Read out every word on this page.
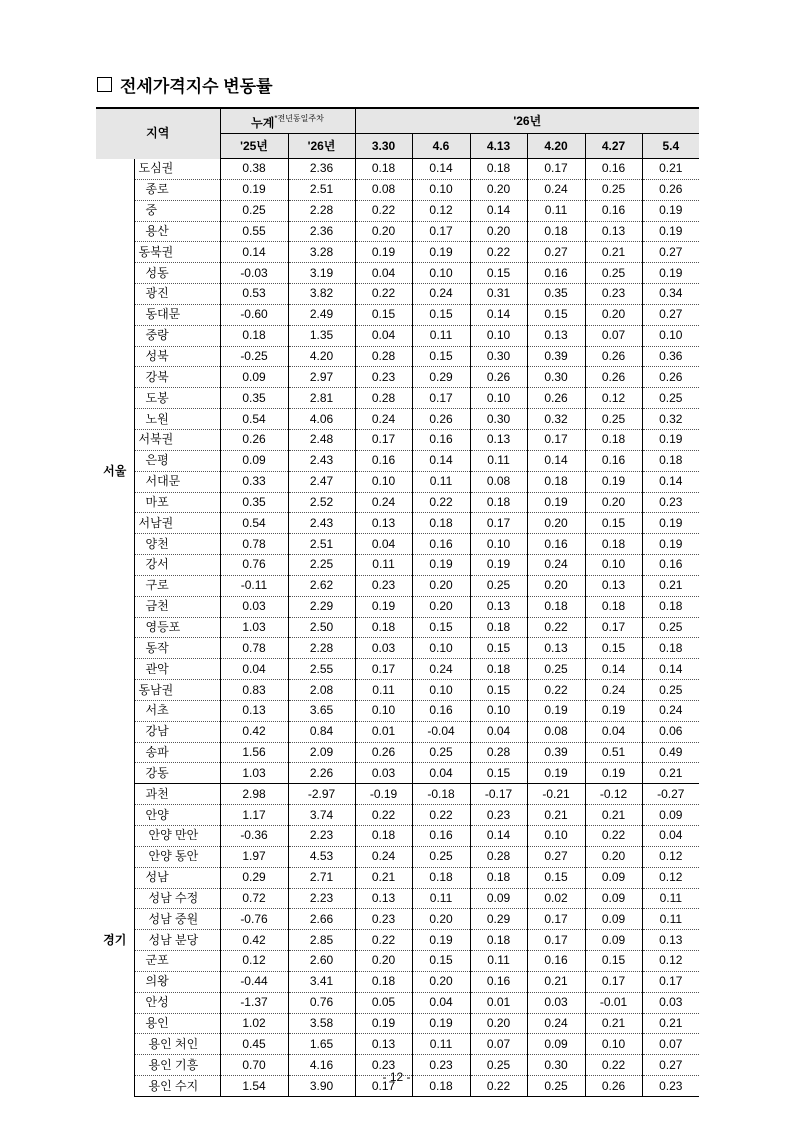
전세가격지수 변동률
지역		누계$^{*전년동일주차}$		'26년					
		'25년	'26년	3.30	4.6	4.13	4.20	4.27	5.4
서울	도심권	0.38	2.36	0.18	0.14	0.18	0.17	0.16	0.21
	종로	0.19	2.51	0.08	0.10	0.20	0.24	0.25	0.26
	중	0.25	2.28	0.22	0.12	0.14	0.11	0.16	0.19
	용산	0.55	2.36	0.20	0.17	0.20	0.18	0.13	0.19
	동북권	0.14	3.28	0.19	0.19	0.22	0.27	0.21	0.27
	성동	-0.03	3.19	0.04	0.10	0.15	0.16	0.25	0.19
	광진	0.53	3.82	0.22	0.24	0.31	0.35	0.23	0.34
	동대문	-0.60	2.49	0.15	0.15	0.14	0.15	0.20	0.27
	중랑	0.18	1.35	0.04	0.11	0.10	0.13	0.07	0.10
	성북	-0.25	4.20	0.28	0.15	0.30	0.39	0.26	0.36
	강북	0.09	2.97	0.23	0.29	0.26	0.30	0.26	0.26
	도봉	0.35	2.81	0.28	0.17	0.10	0.26	0.12	0.25
	노원	0.54	4.06	0.24	0.26	0.30	0.32	0.25	0.32
	서북권	0.26	2.48	0.17	0.16	0.13	0.17	0.18	0.19
	은평	0.09	2.43	0.16	0.14	0.11	0.14	0.16	0.18
	서대문	0.33	2.47	0.10	0.11	0.08	0.18	0.19	0.14
	마포	0.35	2.52	0.24	0.22	0.18	0.19	0.20	0.23
	서남권	0.54	2.43	0.13	0.18	0.17	0.20	0.15	0.19
	양천	0.78	2.51	0.04	0.16	0.10	0.16	0.18	0.19
	강서	0.76	2.25	0.11	0.19	0.19	0.24	0.10	0.16
	구로	-0.11	2.62	0.23	0.20	0.25	0.20	0.13	0.21
	금천	0.03	2.29	0.19	0.20	0.13	0.18	0.18	0.18
	영등포	1.03	2.50	0.18	0.15	0.18	0.22	0.17	0.25
	동작	0.78	2.28	0.03	0.10	0.15	0.13	0.15	0.18
	관악	0.04	2.55	0.17	0.24	0.18	0.25	0.14	0.14
	동남권	0.83	2.08	0.11	0.10	0.15	0.22	0.24	0.25
	서초	0.13	3.65	0.10	0.16	0.10	0.19	0.19	0.24
	강남	0.42	0.84	0.01	-0.04	0.04	0.08	0.04	0.06
	송파	1.56	2.09	0.26	0.25	0.28	0.39	0.51	0.49
	강동	1.03	2.26	0.03	0.04	0.15	0.19	0.19	0.21
경기	과천	2.98	-2.97	-0.19	-0.18	-0.17	-0.21	-0.12	-0.27
	안양	1.17	3.74	0.22	0.22	0.23	0.21	0.21	0.09
	안양 만안	-0.36	2.23	0.18	0.16	0.14	0.10	0.22	0.04
	안양 동안	1.97	4.53	0.24	0.25	0.28	0.27	0.20	0.12
	성남	0.29	2.71	0.21	0.18	0.18	0.15	0.09	0.12
	성남 수정	0.72	2.23	0.13	0.11	0.09	0.02	0.09	0.11
	성남 중원	-0.76	2.66	0.23	0.20	0.29	0.17	0.09	0.11
	성남 분당	0.42	2.85	0.22	0.19	0.18	0.17	0.09	0.13
	군포	0.12	2.60	0.20	0.15	0.11	0.16	0.15	0.12
	의왕	-0.44	3.41	0.18	0.20	0.16	0.21	0.17	0.17
	안성	-1.37	0.76	0.05	0.04	0.01	0.03	-0.01	0.03
	용인	1.02	3.58	0.19	0.19	0.20	0.24	0.21	0.21
	용인 처인	0.45	1.65	0.13	0.11	0.07	0.09	0.10	0.07
	용인 기흥	0.70	4.16	0.23	0.23	0.25	0.30	0.22	0.27
	용인 수지	1.54	3.90	0.17	0.18	0.22	0.25	0.26	0.23
- 12 -
